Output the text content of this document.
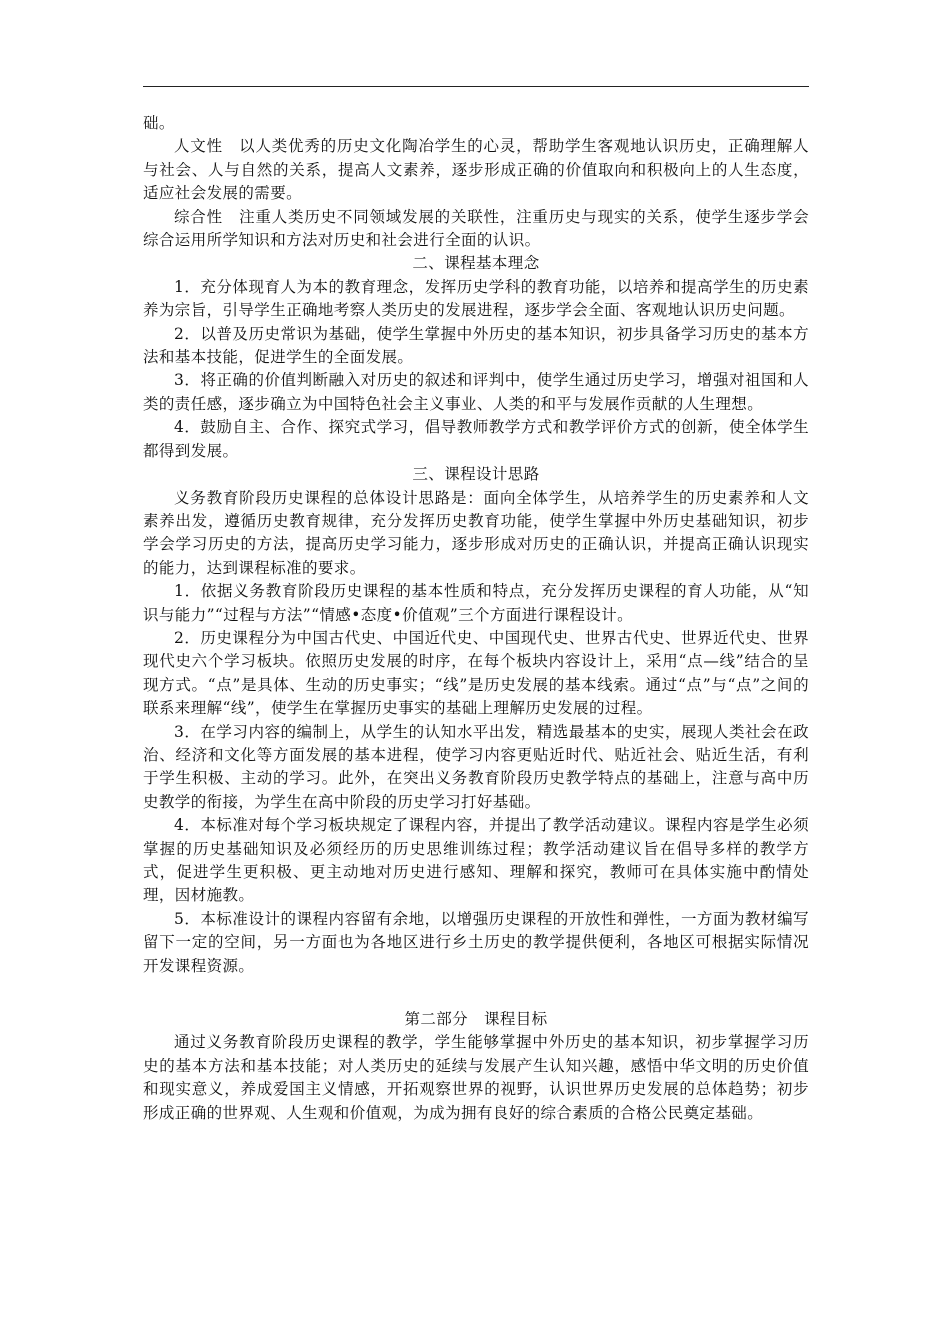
础。

人文性　以人类优秀的历史文化陶冶学生的心灵，帮助学生客观地认识历史，正确理解人与社会、人与自然的关系，提高人文素养，逐步形成正确的价值取向和积极向上的人生态度，适应社会发展的需要。

综合性　注重人类历史不同领域发展的关联性，注重历史与现实的关系，使学生逐步学会综合运用所学知识和方法对历史和社会进行全面的认识。

二、课程基本理念

1．充分体现育人为本的教育理念，发挥历史学科的教育功能，以培养和提高学生的历史素养为宗旨，引导学生正确地考察人类历史的发展进程，逐步学会全面、客观地认识历史问题。

2．以普及历史常识为基础，使学生掌握中外历史的基本知识，初步具备学习历史的基本方法和基本技能，促进学生的全面发展。

3．将正确的价值判断融入对历史的叙述和评判中，使学生通过历史学习，增强对祖国和人类的责任感，逐步确立为中国特色社会主义事业、人类的和平与发展作贡献的人生理想。

4．鼓励自主、合作、探究式学习，倡导教师教学方式和教学评价方式的创新，使全体学生都得到发展。

三、课程设计思路

义务教育阶段历史课程的总体设计思路是：面向全体学生，从培养学生的历史素养和人文素养出发，遵循历史教育规律，充分发挥历史教育功能，使学生掌握中外历史基础知识，初步学会学习历史的方法，提高历史学习能力，逐步形成对历史的正确认识，并提高正确认识现实的能力，达到课程标准的要求。

1．依据义务教育阶段历史课程的基本性质和特点，充分发挥历史课程的育人功能，从“知识与能力”“过程与方法”“情感•态度•价值观”三个方面进行课程设计。

2．历史课程分为中国古代史、中国近代史、中国现代史、世界古代史、世界近代史、世界现代史六个学习板块。依照历史发展的时序，在每个板块内容设计上，采用“点—线”结合的呈现方式。“点”是具体、生动的历史事实；“线”是历史发展的基本线索。通过“点”与“点”之间的联系来理解“线”，使学生在掌握历史事实的基础上理解历史发展的过程。

3．在学习内容的编制上，从学生的认知水平出发，精选最基本的史实，展现人类社会在政治、经济和文化等方面发展的基本进程，使学习内容更贴近时代、贴近社会、贴近生活，有利于学生积极、主动的学习。此外，在突出义务教育阶段历史教学特点的基础上，注意与高中历史教学的衔接，为学生在高中阶段的历史学习打好基础。

4．本标准对每个学习板块规定了课程内容，并提出了教学活动建议。课程内容是学生必须掌握的历史基础知识及必须经历的历史思维训练过程；教学活动建议旨在倡导多样的教学方式，促进学生更积极、更主动地对历史进行感知、理解和探究，教师可在具体实施中酌情处理，因材施教。

5．本标准设计的课程内容留有余地，以增强历史课程的开放性和弹性，一方面为教材编写留下一定的空间，另一方面也为各地区进行乡土历史的教学提供便利，各地区可根据实际情况开发课程资源。

第二部分　课程目标

通过义务教育阶段历史课程的教学，学生能够掌握中外历史的基本知识，初步掌握学习历史的基本方法和基本技能；对人类历史的延续与发展产生认知兴趣，感悟中华文明的历史价值和现实意义，养成爱国主义情感，开拓观察世界的视野，认识世界历史发展的总体趋势；初步形成正确的世界观、人生观和价值观，为成为拥有良好的综合素质的合格公民奠定基础。
